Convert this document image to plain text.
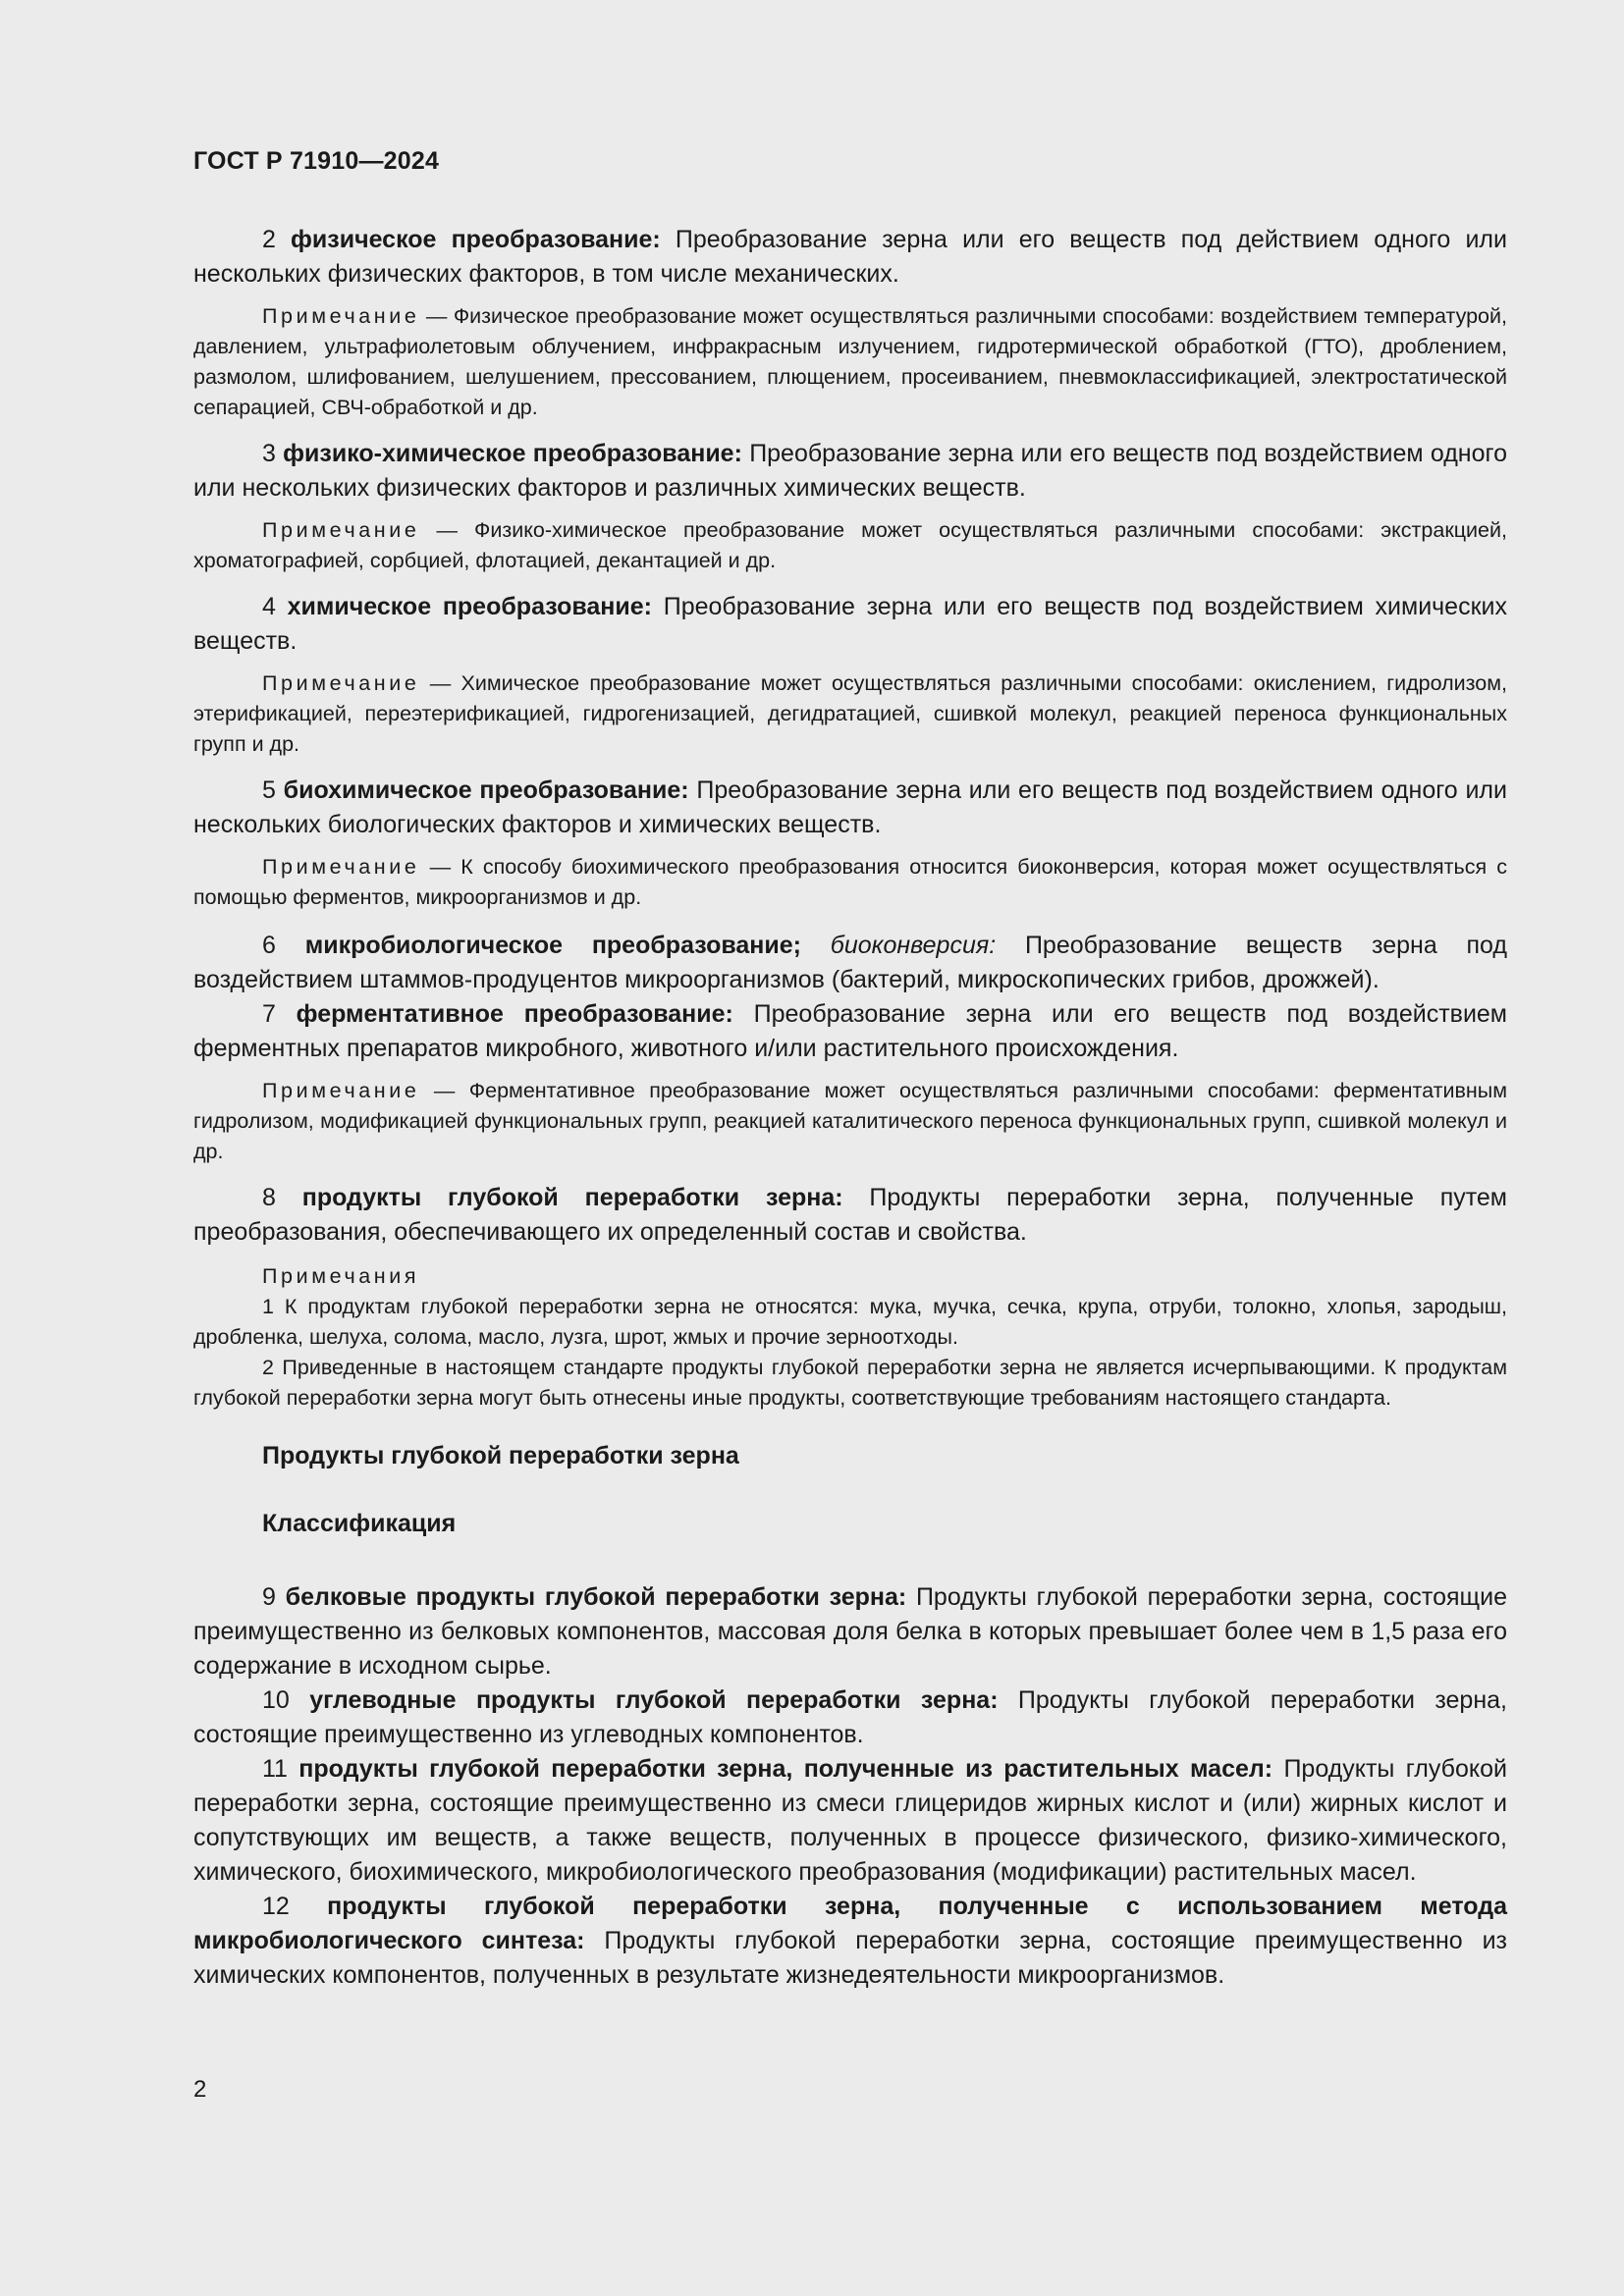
ГОСТ Р 71910—2024

2 физическое преобразование: Преобразование зерна или его веществ под действием одного или нескольких физических факторов, в том числе механических.

Примечание — Физическое преобразование может осуществляться различными способами: воздействием температурой, давлением, ультрафиолетовым облучением, инфракрасным излучением, гидротермической обработкой (ГТО), дроблением, размолом, шлифованием, шелушением, прессованием, плющением, просеиванием, пневмоклассификацией, электростатической сепарацией, СВЧ-обработкой и др.

3 физико-химическое преобразование: Преобразование зерна или его веществ под воздействием одного или нескольких физических факторов и различных химических веществ.

Примечание — Физико-химическое преобразование может осуществляться различными способами: экстракцией, хроматографией, сорбцией, флотацией, декантацией и др.

4 химическое преобразование: Преобразование зерна или его веществ под воздействием химических веществ.

Примечание — Химическое преобразование может осуществляться различными способами: окислением, гидролизом, этерификацией, переэтерификацией, гидрогенизацией, дегидратацией, сшивкой молекул, реакцией переноса функциональных групп и др.

5 биохимическое преобразование: Преобразование зерна или его веществ под воздействием одного или нескольких биологических факторов и химических веществ.

Примечание — К способу биохимического преобразования относится биоконверсия, которая может осуществляться с помощью ферментов, микроорганизмов и др.

6 микробиологическое преобразование; биоконверсия: Преобразование веществ зерна под воздействием штаммов-продуцентов микроорганизмов (бактерий, микроскопических грибов, дрожжей).

7 ферментативное преобразование: Преобразование зерна или его веществ под воздействием ферментных препаратов микробного, животного и/или растительного происхождения.

Примечание — Ферментативное преобразование может осуществляться различными способами: ферментативным гидролизом, модификацией функциональных групп, реакцией каталитического переноса функциональных групп, сшивкой молекул и др.

8 продукты глубокой переработки зерна: Продукты переработки зерна, полученные путем преобразования, обеспечивающего их определенный состав и свойства.

Примечания

1 К продуктам глубокой переработки зерна не относятся: мука, мучка, сечка, крупа, отруби, толокно, хлопья, зародыш, дробленка, шелуха, солома, масло, лузга, шрот, жмых и прочие зерноотходы.

2 Приведенные в настоящем стандарте продукты глубокой переработки зерна не является исчерпывающими. К продуктам глубокой переработки зерна могут быть отнесены иные продукты, соответствующие требованиям настоящего стандарта.

Продукты глубокой переработки зерна

Классификация

9 белковые продукты глубокой переработки зерна: Продукты глубокой переработки зерна, состоящие преимущественно из белковых компонентов, массовая доля белка в которых превышает более чем в 1,5 раза его содержание в исходном сырье.

10 углеводные продукты глубокой переработки зерна: Продукты глубокой переработки зерна, состоящие преимущественно из углеводных компонентов.

11 продукты глубокой переработки зерна, полученные из растительных масел: Продукты глубокой переработки зерна, состоящие преимущественно из смеси глицеридов жирных кислот и (или) жирных кислот и сопутствующих им веществ, а также веществ, полученных в процессе физического, физико-химического, химического, биохимического, микробиологического преобразования (модификации) растительных масел.

12 продукты глубокой переработки зерна, полученные с использованием метода микробиологического синтеза: Продукты глубокой переработки зерна, состоящие преимущественно из химических компонентов, полученных в результате жизнедеятельности микроорганизмов.

2
